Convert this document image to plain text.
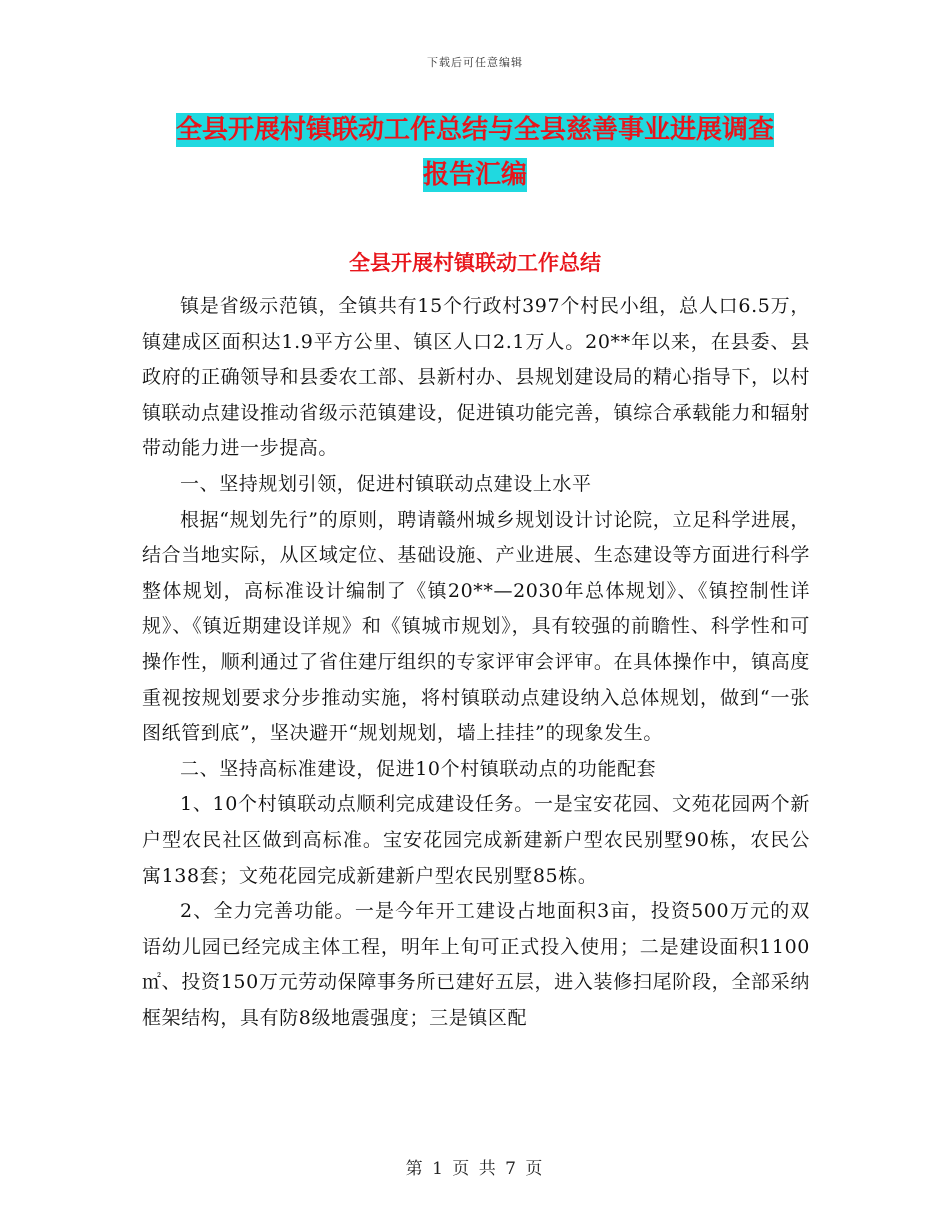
下载后可任意编辑
全县开展村镇联动工作总结与全县慈善事业进展调查
报告汇编
全县开展村镇联动工作总结

镇是省级示范镇，全镇共有15个行政村397个村民小组，总人口6.5万，镇建成区面积达1.9平方公里、镇区人口2.1万人。20**年以来，在县委、县政府的正确领导和县委农工部、县新村办、县规划建设局的精心指导下，以村镇联动点建设推动省级示范镇建设，促进镇功能完善，镇综合承载能力和辐射带动能力进一步提高。

一、坚持规划引领，促进村镇联动点建设上水平

根据“规划先行”的原则，聘请赣州城乡规划设计讨论院，立足科学进展，结合当地实际，从区域定位、基础设施、产业进展、生态建设等方面进行科学整体规划，高标准设计编制了《镇20**—2030年总体规划》、《镇控制性详规》、《镇近期建设详规》和《镇城市规划》，具有较强的前瞻性、科学性和可操作性，顺利通过了省住建厅组织的专家评审会评审。在具体操作中，镇高度重视按规划要求分步推动实施，将村镇联动点建设纳入总体规划，做到“一张图纸管到底”，坚决避开“规划规划，墙上挂挂”的现象发生。

二、坚持高标准建设，促进10个村镇联动点的功能配套

1、10个村镇联动点顺利完成建设任务。一是宝安花园、文苑花园两个新户型农民社区做到高标准。宝安花园完成新建新户型农民别墅90栋，农民公寓138套；文苑花园完成新建新户型农民别墅85栋。

2、全力完善功能。一是今年开工建设占地面积3亩，投资500万元的双语幼儿园已经完成主体工程，明年上旬可正式投入使用；二是建设面积1100㎡、投资150万元劳动保障事务所已建好五层，进入装修扫尾阶段，全部采纳框架结构，具有防8级地震强度；三是镇区配

第 1 页 共 7 页
